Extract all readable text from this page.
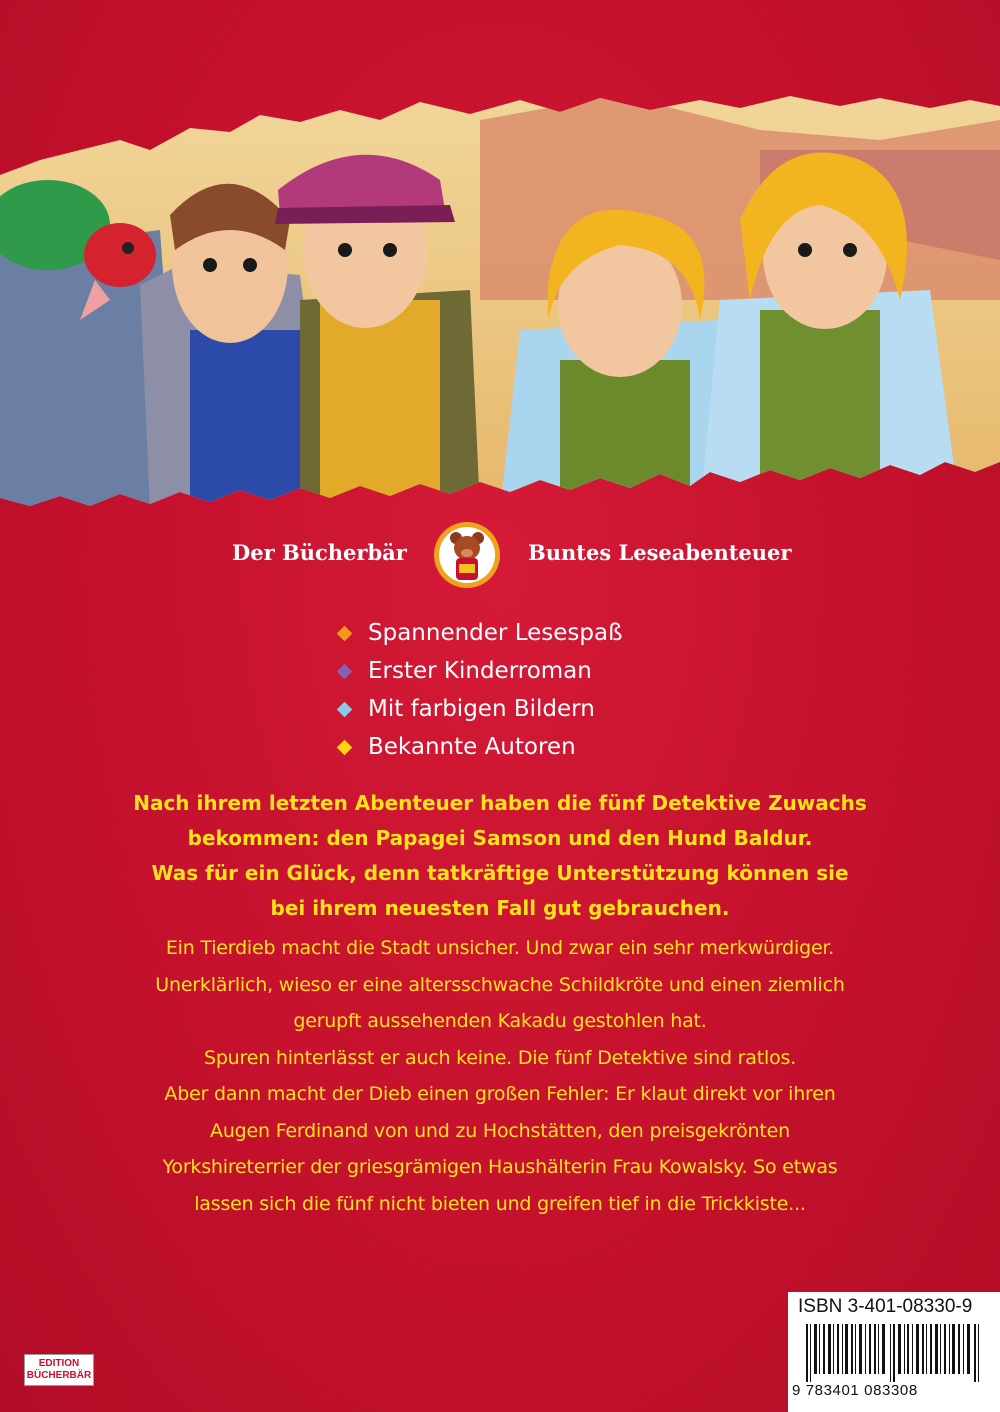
Der Bücherbär	Buntes Leseabenteuer
Spannender Lesespaß
Erster Kinderroman
Mit farbigen Bildern
Bekannte Autoren

Nach ihrem letzten Abenteuer haben die fünf Detektive Zuwachs
bekommen: den Papagei Samson und den Hund Baldur.
Was für ein Glück, denn tatkräftige Unterstützung können sie
bei ihrem neuesten Fall gut gebrauchen.

Ein Tierdieb macht die Stadt unsicher. Und zwar ein sehr merkwürdiger.
Unerklärlich, wieso er eine altersschwache Schildkröte und einen ziemlich
gerupft aussehenden Kakadu gestohlen hat.
Spuren hinterlässt er auch keine. Die fünf Detektive sind ratlos.
Aber dann macht der Dieb einen großen Fehler: Er klaut direkt vor ihren
Augen Ferdinand von und zu Hochstätten, den preisgekrönten
Yorkshireterrier der griesgrämigen Haushälterin Frau Kowalsky. So etwas
lassen sich die fünf nicht bieten und greifen tief in die Trickkiste...

EDITION
BÜCHERBÄR
ISBN 3-401-08330-9
9 783401 083308
